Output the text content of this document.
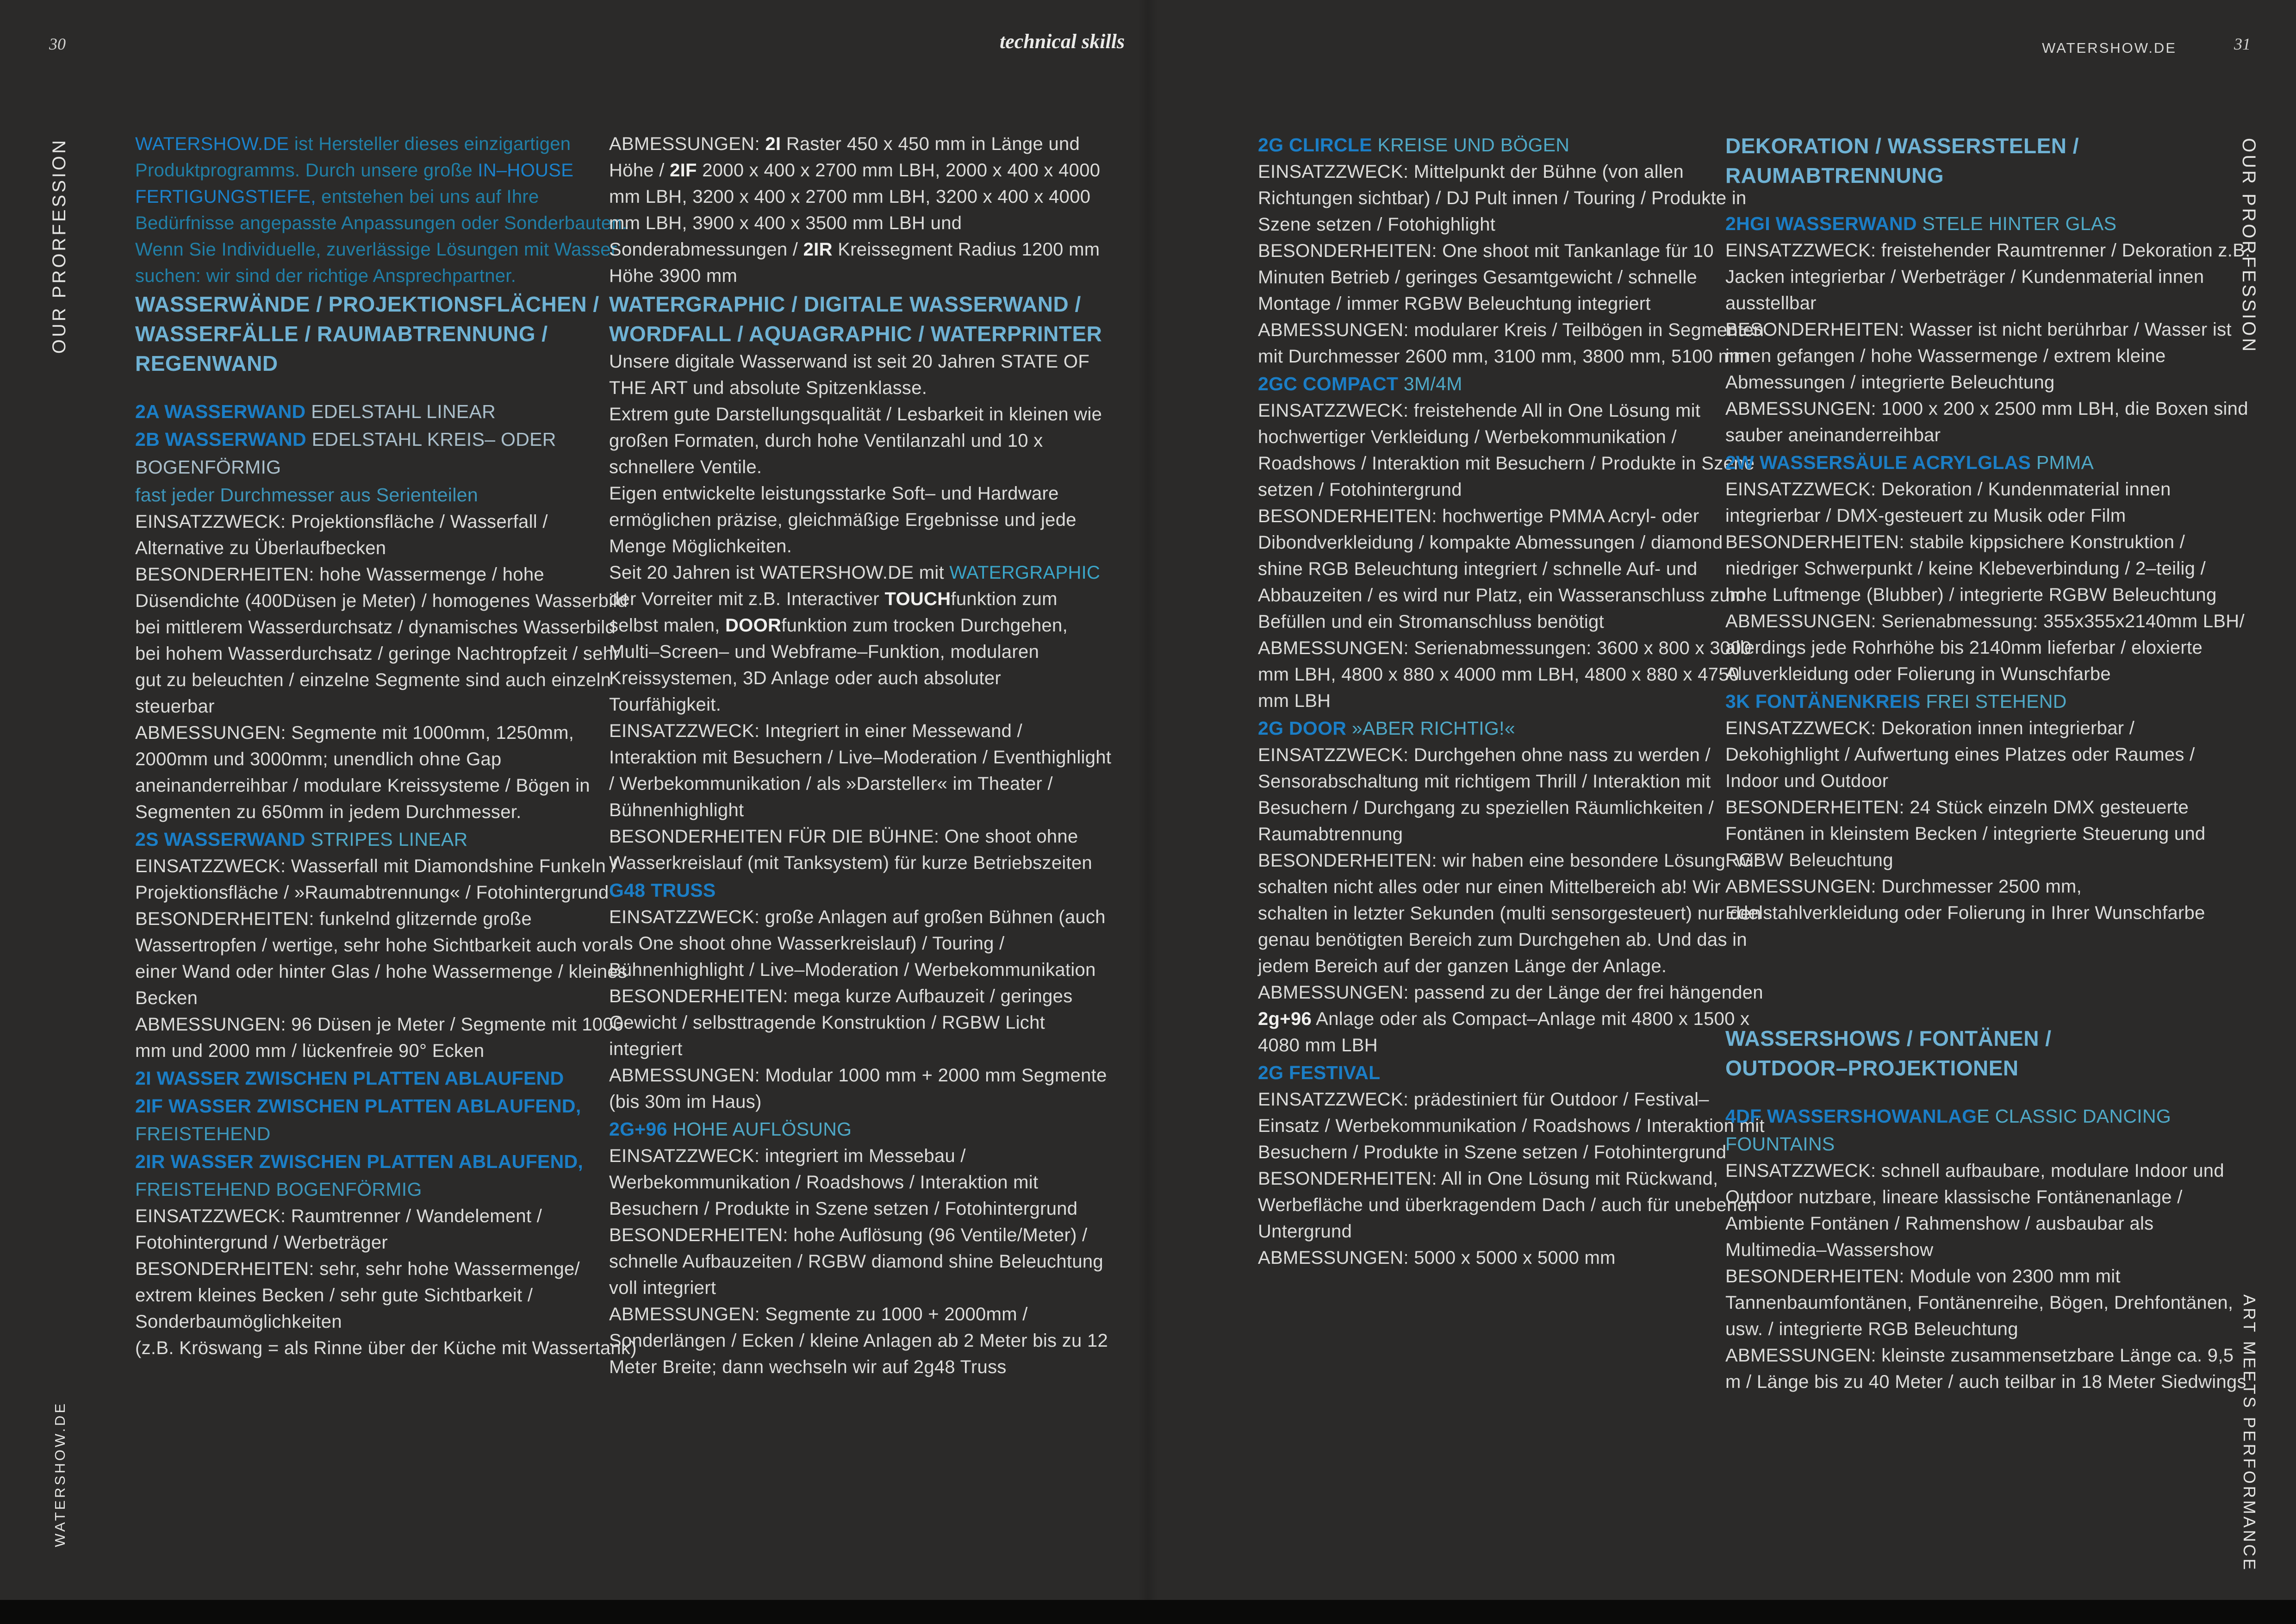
30	technical skills	WATERSHOW.DE	31
OUR PRORFESSION
WATERSHOW.DE
OUR PRORFESSION
ART MEETS PERFORMANCE

WATERSHOW.DE ist Hersteller dieses einzigartigen Produktprogramms. Durch unsere große IN–HOUSE FERTIGUNGSTIEFE, entstehen bei uns auf Ihre Bedürfnisse angepasste Anpassungen oder Sonderbauten. Wenn Sie Individuelle, zuverlässige Lösungen mit Wasser suchen: wir sind der richtige Ansprechpartner.

WASSERWÄNDE / PROJEKTIONSFLÄCHEN /
WASSERFÄLLE / RAUMABTRENNUNG /
REGENWAND
2A WASSERWAND EDELSTAHL LINEAR
2B WASSERWAND EDELSTAHL KREIS– ODER
BOGENFÖRMIG
fast jeder Durchmesser aus Serienteilen

EINSATZZWECK: Projektionsfläche / Wasserfall / Alternative zu Überlaufbecken

BESONDERHEITEN: hohe Wassermenge / hohe Düsendichte (400Düsen je Meter) / homogenes Wasserbild bei mittlerem Wasserdurchsatz / dynamisches Wasserbild bei hohem Wasserdurchsatz / geringe Nachtropfzeit / sehr gut zu beleuchten / einzelne Segmente sind auch einzeln steuerbar

ABMESSUNGEN: Segmente mit 1000mm, 1250mm, 2000mm und 3000mm; unendlich ohne Gap aneinanderreihbar / modulare Kreissysteme / Bögen in Segmenten zu 650mm in jedem Durchmesser.

2S WASSERWAND STRIPES LINEAR

EINSATZZWECK: Wasserfall mit Diamondshine Funkeln / Projektionsfläche / »Raumabtrennung« / Fotohintergrund

BESONDERHEITEN: funkelnd glitzernde große Wassertropfen / wertige, sehr hohe Sichtbarkeit auch vor einer Wand oder hinter Glas / hohe Wassermenge / kleines Becken

ABMESSUNGEN: 96 Düsen je Meter / Segmente mit 1000 mm und 2000 mm / lückenfreie 90° Ecken

2I WASSER ZWISCHEN PLATTEN ABLAUFEND
2IF WASSER ZWISCHEN PLATTEN ABLAUFEND,
FREISTEHEND
2IR WASSER ZWISCHEN PLATTEN ABLAUFEND,
FREISTEHEND BOGENFÖRMIG

EINSATZZWECK: Raumtrenner / Wandelement / Fotohintergrund / Werbeträger

BESONDERHEITEN: sehr, sehr hohe Wassermenge/ extrem kleines Becken / sehr gute Sichtbarkeit / Sonderbaumöglichkeiten

(z.B. Kröswang = als Rinne über der Küche mit Wassertank)

ABMESSUNGEN: 2I Raster 450 x 450 mm in Länge und Höhe / 2IF 2000 x 400 x 2700 mm LBH, 2000 x 400 x 4000 mm LBH, 3200 x 400 x 2700 mm LBH, 3200 x 400 x 4000 mm LBH, 3900 x 400 x 3500 mm LBH und Sonderabmessungen / 2IR Kreissegment Radius 1200 mm Höhe 3900 mm

WATERGRAPHIC / DIGITALE WASSERWAND /
WORDFALL / AQUAGRAPHIC / WATERPRINTER

Unsere digitale Wasserwand ist seit 20 Jahren STATE OF THE ART und absolute Spitzenklasse.

Extrem gute Darstellungsqualität / Lesbarkeit in kleinen wie großen Formaten, durch hohe Ventilanzahl und 10 x schnellere Ventile.

Eigen entwickelte leistungsstarke Soft– und Hardware ermöglichen präzise, gleichmäßige Ergebnisse und jede Menge Möglichkeiten.

Seit 20 Jahren ist WATERSHOW.DE mit WATERGRAPHIC der Vorreiter mit z.B. Interactiver TOUCHfunktion zum selbst malen, DOORfunktion zum trocken Durchgehen, Multi–Screen– und Webframe–Funktion, modularen Kreissystemen, 3D Anlage oder auch absoluter Tourfähigkeit.

EINSATZZWECK: Integriert in einer Messewand / Interaktion mit Besuchern / Live–Moderation / Eventhighlight / Werbekommunikation / als »Darsteller« im Theater / Bühnenhighlight

BESONDERHEITEN FÜR DIE BÜHNE: One shoot ohne Wasserkreislauf (mit Tanksystem) für kurze Betriebszeiten

G48 TRUSS

EINSATZZWECK: große Anlagen auf großen Bühnen (auch als One shoot ohne Wasserkreislauf) / Touring / Bühnenhighlight / Live–Moderation / Werbekommunikation

BESONDERHEITEN: mega kurze Aufbauzeit / geringes Gewicht / selbsttragende Konstruktion / RGBW Licht integriert

ABMESSUNGEN: Modular 1000 mm + 2000 mm Segmente (bis 30m im Haus)

2G+96 HOHE AUFLÖSUNG

EINSATZZWECK: integriert im Messebau / Werbekommunikation / Roadshows / Interaktion mit Besuchern / Produkte in Szene setzen / Fotohintergrund

BESONDERHEITEN: hohe Auflösung (96 Ventile/Meter) / schnelle Aufbauzeiten / RGBW diamond shine Beleuchtung voll integriert

ABMESSUNGEN: Segmente zu 1000 + 2000mm / Sonderlängen / Ecken / kleine Anlagen ab 2 Meter bis zu 12 Meter Breite; dann wechseln wir auf 2g48 Truss

2G CLIRCLE KREISE UND BÖGEN

EINSATZZWECK: Mittelpunkt der Bühne (von allen Richtungen sichtbar) / DJ Pult innen / Touring / Produkte in Szene setzen / Fotohighlight

BESONDERHEITEN: One shoot mit Tankanlage für 10 Minuten Betrieb / geringes Gesamtgewicht / schnelle Montage / immer RGBW Beleuchtung integriert

ABMESSUNGEN: modularer Kreis / Teilbögen in Segmenten mit Durchmesser 2600 mm, 3100 mm, 3800 mm, 5100 mm

2GC COMPACT 3M/4M

EINSATZZWECK: freistehende All in One Lösung mit hochwertiger Verkleidung / Werbekommunikation / Roadshows / Interaktion mit Besuchern / Produkte in Szene setzen / Fotohintergrund

BESONDERHEITEN: hochwertige PMMA Acryl- oder Dibondverkleidung / kompakte Abmessungen / diamond shine RGB Beleuchtung integriert / schnelle Auf- und Abbauzeiten / es wird nur Platz, ein Wasseranschluss zum Befüllen und ein Stromanschluss benötigt

ABMESSUNGEN: Serienabmessungen: 3600 x 800 x 3000 mm LBH, 4800 x 880 x 4000 mm LBH, 4800 x 880 x 4750 mm LBH

2G DOOR »ABER RICHTIG!«

EINSATZZWECK: Durchgehen ohne nass zu werden / Sensorabschaltung mit richtigem Thrill / Interaktion mit Besuchern / Durchgang zu speziellen Räumlichkeiten / Raumabtrennung

BESONDERHEITEN: wir haben eine besondere Lösung: wir schalten nicht alles oder nur einen Mittelbereich ab! Wir schalten in letzter Sekunden (multi sensorgesteuert) nur den genau benötigten Bereich zum Durchgehen ab. Und das in jedem Bereich auf der ganzen Länge der Anlage.

ABMESSUNGEN: passend zu der Länge der frei hängenden 2g+96 Anlage oder als Compact–Anlage mit 4800 x 1500 x 4080 mm LBH

2G FESTIVAL

EINSATZZWECK: prädestiniert für Outdoor / Festival–Einsatz / Werbekommunikation / Roadshows / Interaktion mit Besuchern / Produkte in Szene setzen / Fotohintergrund

BESONDERHEITEN: All in One Lösung mit Rückwand, Werbefläche und überkragendem Dach / auch für unebenen Untergrund

ABMESSUNGEN: 5000 x 5000 x 5000 mm

DEKORATION / WASSERSTELEN /
RAUMABTRENNUNG
2HGI WASSERWAND STELE HINTER GLAS

EINSATZZWECK: freistehender Raumtrenner / Dekoration z.B. Jacken integrierbar / Werbeträger / Kundenmaterial innen ausstellbar

BESONDERHEITEN: Wasser ist nicht berührbar / Wasser ist innen gefangen / hohe Wassermenge / extrem kleine Abmessungen / integrierte Beleuchtung

ABMESSUNGEN: 1000 x 200 x 2500 mm LBH, die Boxen sind sauber aneinanderreihbar

2W WASSERSÄULE ACRYLGLAS PMMA

EINSATZZWECK: Dekoration / Kundenmaterial innen integrierbar / DMX-gesteuert zu Musik oder Film

BESONDERHEITEN: stabile kippsichere Konstruktion / niedriger Schwerpunkt / keine Klebeverbindung / 2–teilig / hohe Luftmenge (Blubber) / integrierte RGBW Beleuchtung

ABMESSUNGEN: Serienabmessung: 355x355x2140mm LBH/ allerdings jede Rohrhöhe bis 2140mm lieferbar / eloxierte Aluverkleidung oder Folierung in Wunschfarbe

3K FONTÄNENKREIS FREI STEHEND

EINSATZZWECK: Dekoration innen integrierbar / Dekohighlight / Aufwertung eines Platzes oder Raumes / Indoor und Outdoor

BESONDERHEITEN: 24 Stück einzeln DMX gesteuerte Fontänen in kleinstem Becken / integrierte Steuerung und RGBW Beleuchtung

ABMESSUNGEN: Durchmesser 2500 mm, Edelstahlverkleidung oder Folierung in Ihrer Wunschfarbe

WASSERSHOWS / FONTÄNEN /
OUTDOOR–PROJEKTIONEN
4DF WASSERSHOWANLAGE CLASSIC DANCING FOUNTAINS

EINSATZZWECK: schnell aufbaubare, modulare Indoor und Outdoor nutzbare, lineare klassische Fontänenanlage / Ambiente Fontänen / Rahmenshow / ausbaubar als Multimedia–Wassershow

BESONDERHEITEN: Module von 2300 mm mit Tannenbaumfontänen, Fontänenreihe, Bögen, Drehfontänen, usw. / integrierte RGB Beleuchtung

ABMESSUNGEN: kleinste zusammensetzbare Länge ca. 9,5 m / Länge bis zu 40 Meter / auch teilbar in 18 Meter Siedwings
